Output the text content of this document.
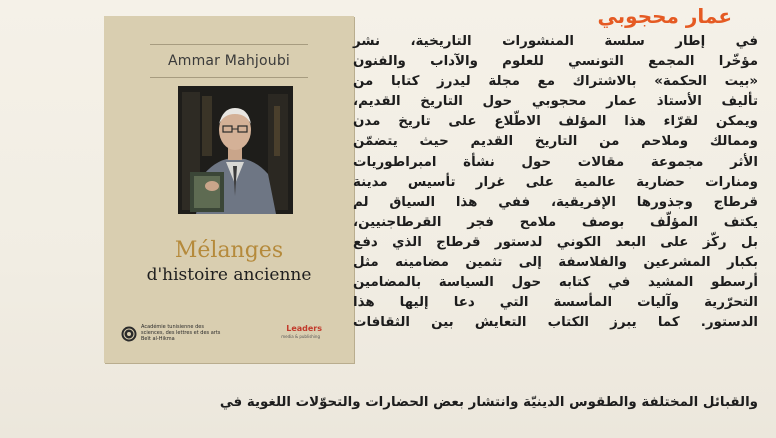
عمار محجوبي
Ammar Mahjoubi
Mélanges
d'histoire ancienne
Académie tunisienne des sciences, des lettres et des arts Beït al-Hikma
Leaders
media & publishing
في إطار سلسة المنشورات التاريخية، نشر
مؤخّرا المجمع التونسي للعلوم والآداب والفنون
«بيت الحكمة» بالاشتراك مع مجلة ليدرز كتابا من
تأليف الأستاذ عمار محجوبي حول التاريخ القديم،
ويمكن لقرّاء هذا المؤلف الاطّلاع على تاريخ مدن
وممالك وملاحم من التاريخ القديم حيث يتضمّن
الأثر مجموعة مقالات حول نشأة امبراطوريات
ومنارات حضارية عالمية على غرار تأسيس مدينة
قرطاج وجذورها الإفريقية، ففي هذا السياق لم
يكتف المؤلّف بوصف ملامح فجر القرطاجنيين،
بل ركّز على البعد الكوني لدستور قرطاج الذي دفع
بكبار المشرعين والفلاسفة إلى تثمين مضامينه مثل
أرسطو المشيد في كتابه حول السياسة بالمضامين
التحرّرية وآليات المأسسة التي دعا إليها هذا
الدستور. كما يبرز الكتاب التعايش بين الثقافات
والقبائل المختلفة والطقوس الدينيّة وانتشار بعض الحضارات والتحوّلات اللغوية في
